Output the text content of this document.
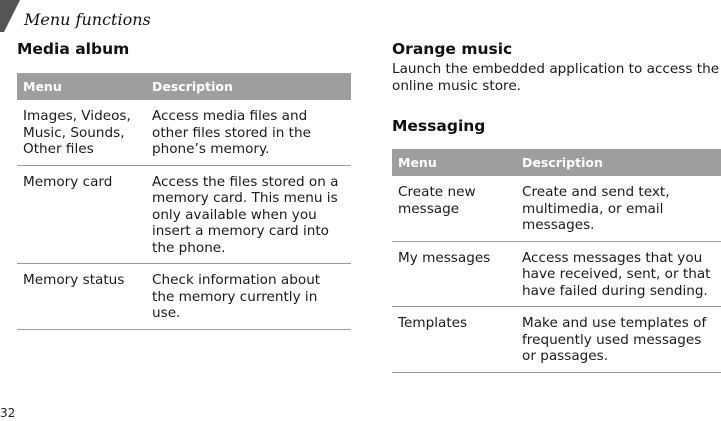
Menu functions
Media album
Menu	Description
Images, Videos, Music, Sounds, Other files	Access media files and other files stored in the phone’s memory.
Memory card	Access the files stored on a memory card. This menu is only available when you insert a memory card into the phone.
Memory status	Check information about the memory currently in use.
Orange music
Launch the embedded application to access the online music store.
Messaging
Menu	Description
Create new message	Create and send text, multimedia, or email messages.
My messages	Access messages that you have received, sent, or that have failed during sending.
Templates	Make and use templates of frequently used messages or passages.
32
